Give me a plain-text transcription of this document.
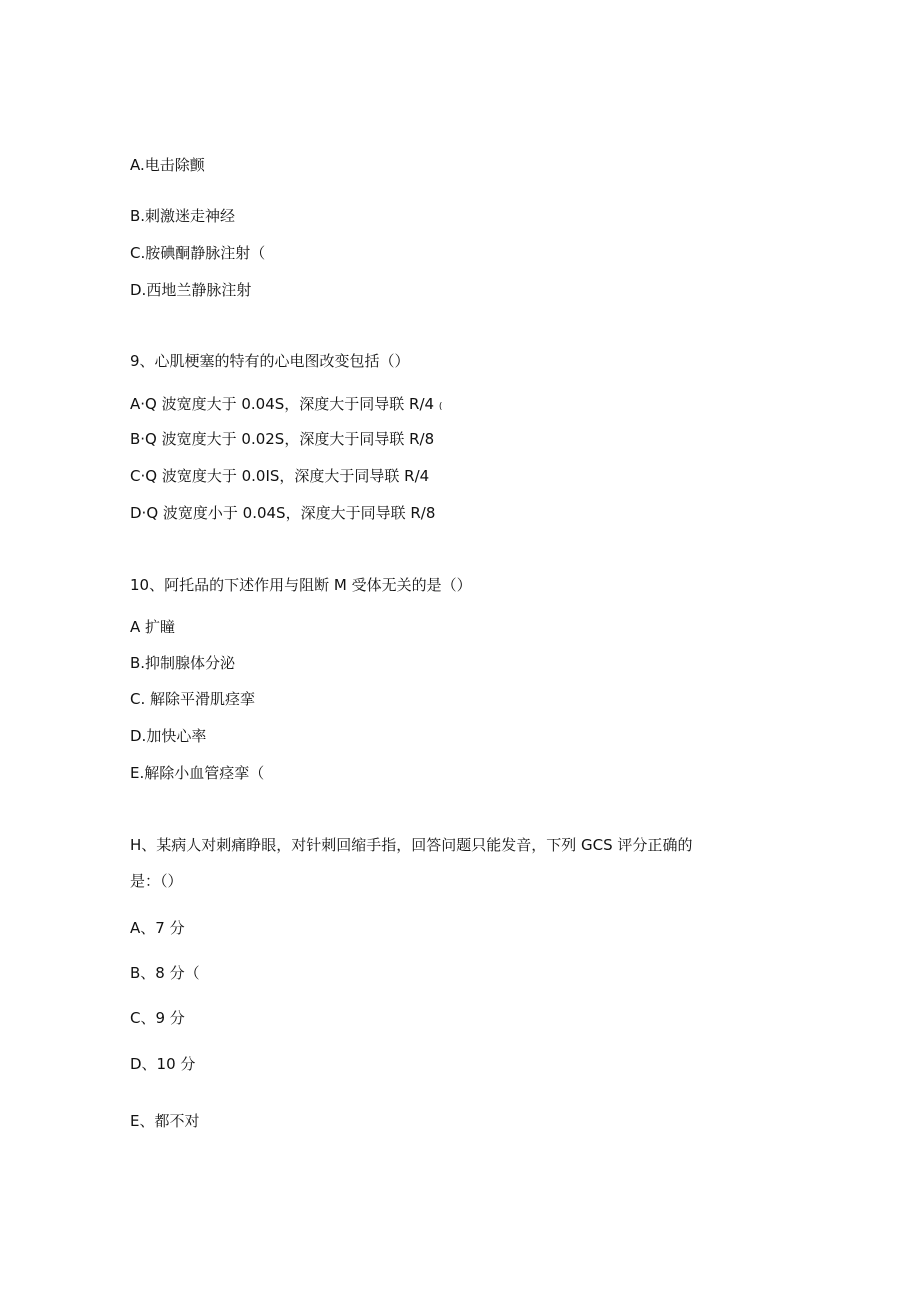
A.电击除颤
B.刺激迷走神经
C.胺碘酮静脉注射（
D.西地兰静脉注射
9、心肌梗塞的特有的心电图改变包括（）
A·Q 波宽度大于 0.04S，深度大于同导联 R/4 (
B·Q 波宽度大于 0.02S，深度大于同导联 R/8
C·Q 波宽度大于 0.0IS，深度大于同导联 R/4
D·Q 波宽度小于 0.04S，深度大于同导联 R/8
10、阿托品的下述作用与阻断 M 受体无关的是（）
A 扩瞳
B.抑制腺体分泌
C. 解除平滑肌痉挛
D.加快心率
E.解除小血管痉挛（
H、某病人对刺痛睁眼，对针刺回缩手指，回答问题只能发音，下列 GCS 评分正确的
是：（）
A、7 分
B、8 分（
C、9 分
D、10 分
E、都不对
